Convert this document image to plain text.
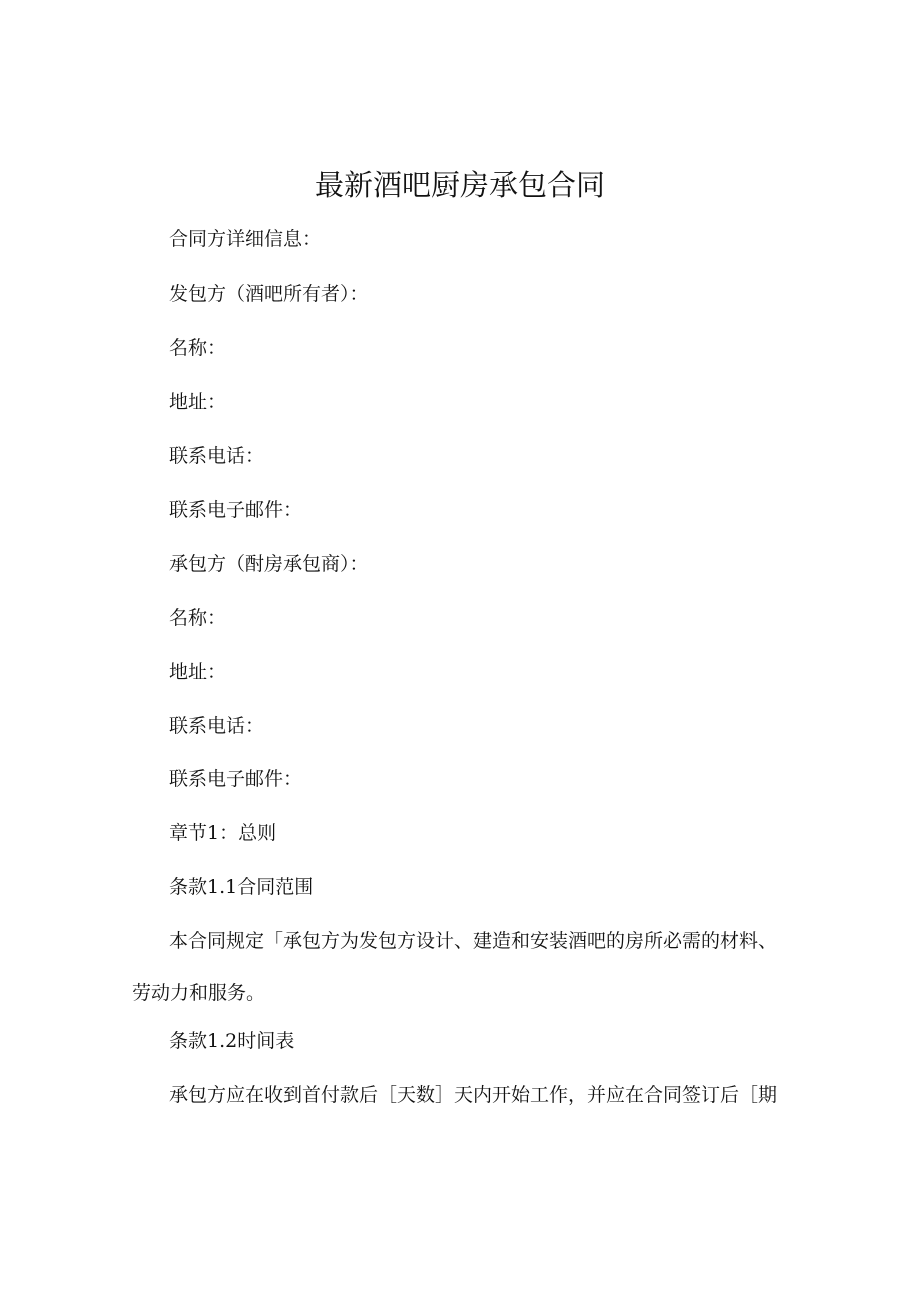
最新酒吧厨房承包合同

合同方详细信息：

发包方（酒吧所有者）：

名称：

地址：

联系电话：

联系电子邮件：

承包方（酎房承包商）：

名称：

地址：

联系电话：

联系电子邮件：

章节1：总则

条款1.1合同范围

本合同规定「承包方为发包方设计、建造和安装酒吧的房所必需的材料、劳动力和服务。

条款1.2时间表

承包方应在收到首付款后［天数］天内开始工作，并应在合同签订后［期
